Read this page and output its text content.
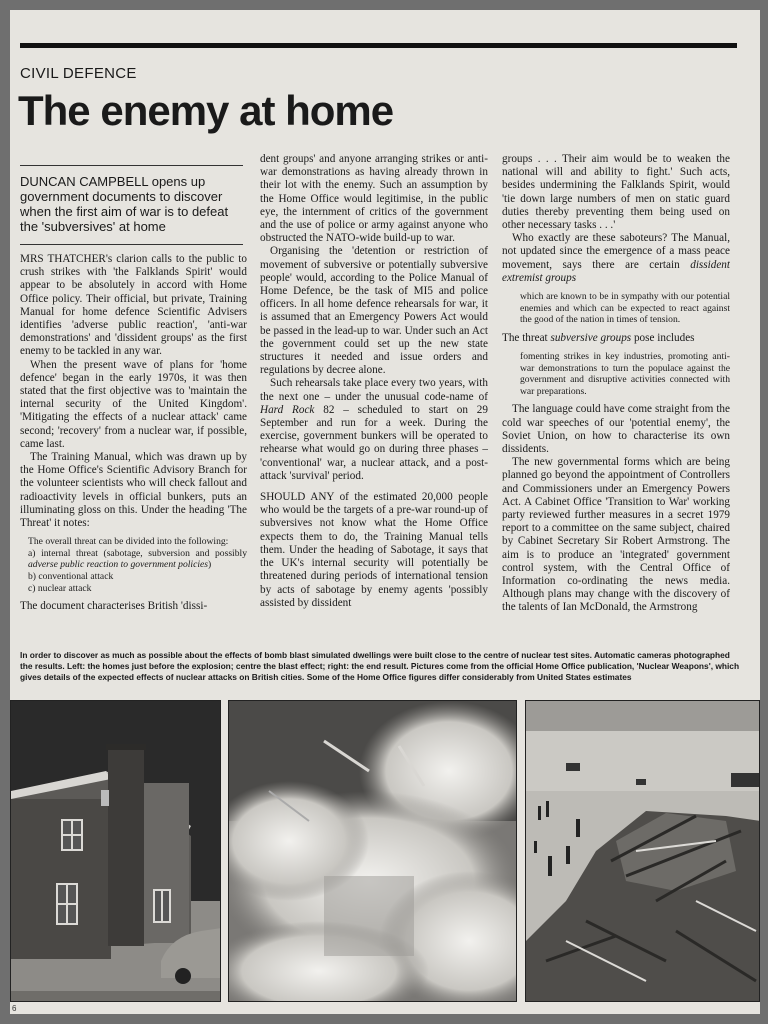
CIVIL DEFENCE
The enemy at home
DUNCAN CAMPBELL opens up government documents to discover when the first aim of war is to defeat the 'subversives' at home

MRS THATCHER's clarion calls to the public to crush strikes with 'the Falklands Spirit' would appear to be absolutely in accord with Home Office policy. Their official, but private, Training Manual for home defence Scientific Advisers identifies 'adverse public reaction', 'anti-war demonstrations' and 'dissident groups' as the first enemy to be tackled in any war.

When the present wave of plans for 'home defence' began in the early 1970s, it was then stated that the first objective was to 'maintain the internal security of the United Kingdom'. 'Mitigating the effects of a nuclear attack' came second; 'recovery' from a nuclear war, if possible, came last.

The Training Manual, which was drawn up by the Home Office's Scientific Advisory Branch for the volunteer scientists who will check fallout and radioactivity levels in official bunkers, puts an illuminating gloss on this. Under the heading 'The Threat' it notes:

The overall threat can be divided into the following:
a) internal threat (sabotage, subversion and possibly adverse public reaction to government policies)
b) conventional attack
c) nuclear attack

The document characterises British 'dissi-

dent groups' and anyone arranging strikes or anti-war demonstrations as having already thrown in their lot with the enemy. Such an assumption by the Home Office would legitimise, in the public eye, the internment of critics of the government and the use of police or army against anyone who obstructed the NATO-wide build-up to war.

Organising the 'detention or restriction of movement of subversive or potentially subversive people' would, according to the Police Manual of Home Defence, be the task of MI5 and police officers. In all home defence rehearsals for war, it is assumed that an Emergency Powers Act would be passed in the lead-up to war. Under such an Act the government could set up the new state structures it needed and issue orders and regulations by decree alone.

Such rehearsals take place every two years, with the next one – under the unusual code-name of Hard Rock 82 – scheduled to start on 29 September and run for a week. During the exercise, government bunkers will be operated to rehearse what would go on during three phases – 'conventional' war, a nuclear attack, and a post-attack 'survival' period.

SHOULD ANY of the estimated 20,000 people who would be the targets of a pre-war round-up of subversives not know what the Home Office expects them to do, the Training Manual tells them. Under the heading of Sabotage, it says that the UK's internal security will potentially be threatened during periods of international tension by acts of sabotage by enemy agents 'possibly assisted by dissident

groups . . . Their aim would be to weaken the national will and ability to fight.' Such acts, besides undermining the Falklands Spirit, would 'tie down large numbers of men on static guard duties thereby preventing them being used on other necessary tasks . . .'

Who exactly are these saboteurs? The Manual, not updated since the emergence of a mass peace movement, says there are certain dissident extremist groups

which are known to be in sympathy with our potential enemies and which can be expected to react against the good of the nation in times of tension.

The threat subversive groups pose includes

fomenting strikes in key industries, promoting anti-war demonstrations to turn the populace against the government and disruptive activities connected with war preparations.

The language could have come straight from the cold war speeches of our 'potential enemy', the Soviet Union, on how to characterise its own dissidents.

The new governmental forms which are being planned go beyond the appointment of Controllers and Commissioners under an Emergency Powers Act. A Cabinet Office 'Transition to War' working party reviewed further measures in a secret 1979 report to a committee on the same subject, chaired by Cabinet Secretary Sir Robert Armstrong. The aim is to produce an 'integrated' government control system, with the Central Office of Information co-ordinating the news media. Although plans may change with the discovery of the talents of Ian McDonald, the Armstrong

In order to discover as much as possible about the effects of bomb blast simulated dwellings were built close to the centre of nuclear test sites. Automatic cameras photographed the results. Left: the homes just before the explosion; centre the blast effect; right: the end result. Pictures come from the official Home Office publication, 'Nuclear Weapons', which gives details of the expected effects of nuclear attacks on British cities. Some of the Home Office figures differ considerably from United States estimates
6
